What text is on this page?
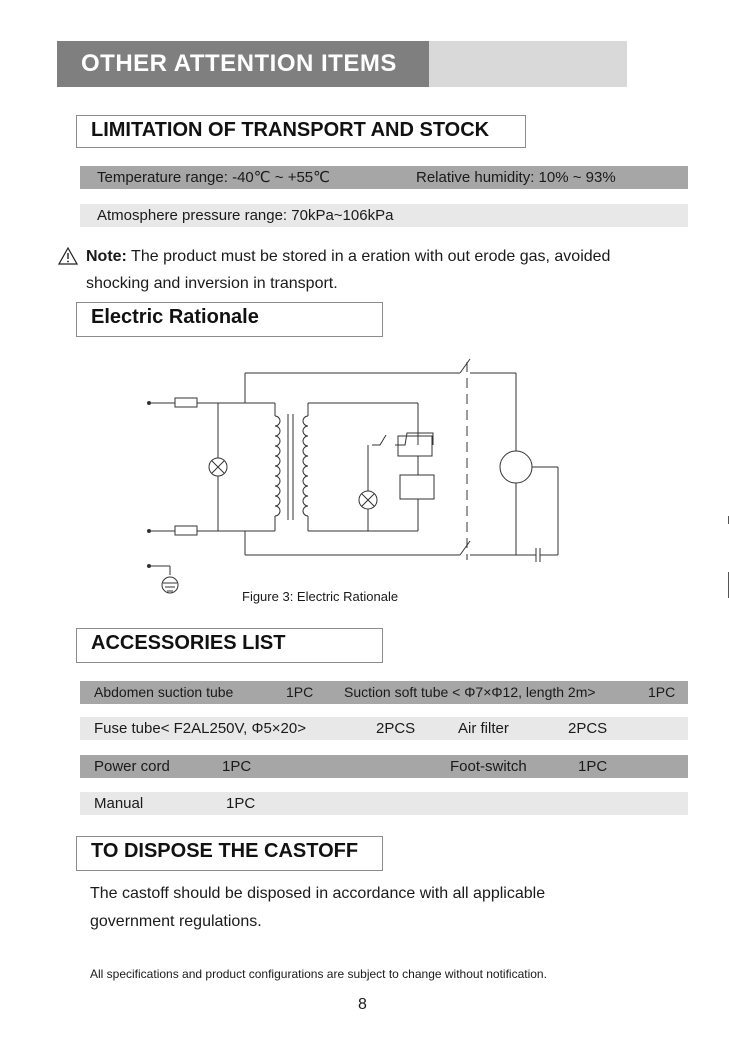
OTHER ATTENTION ITEMS
LIMITATION OF TRANSPORT AND STOCK
Temperature range: -40℃ ~ +55℃	Relative humidity: 10% ~ 93%
Atmosphere pressure range: 70kPa~106kPa
Note: The product must be stored in a eration with out erode gas, avoided
shocking and inversion in transport.
Electric Rationale
Figure 3: Electric Rationale
ACCESSORIES LIST
Abdomen suction tube	1PC Suction soft tube < Φ7×Φ12, length 2m>	1PC
Fuse tube< F2AL250V, Φ5×20>	2PCS	Air filter	2PCS
Power cord	1PC	Foot-switch	1PC
Manual	1PC
TO DISPOSE THE CASTOFF
The castoff should be disposed in accordance with all applicable
government regulations.
All specifications and product configurations are subject to change without notification.
8
